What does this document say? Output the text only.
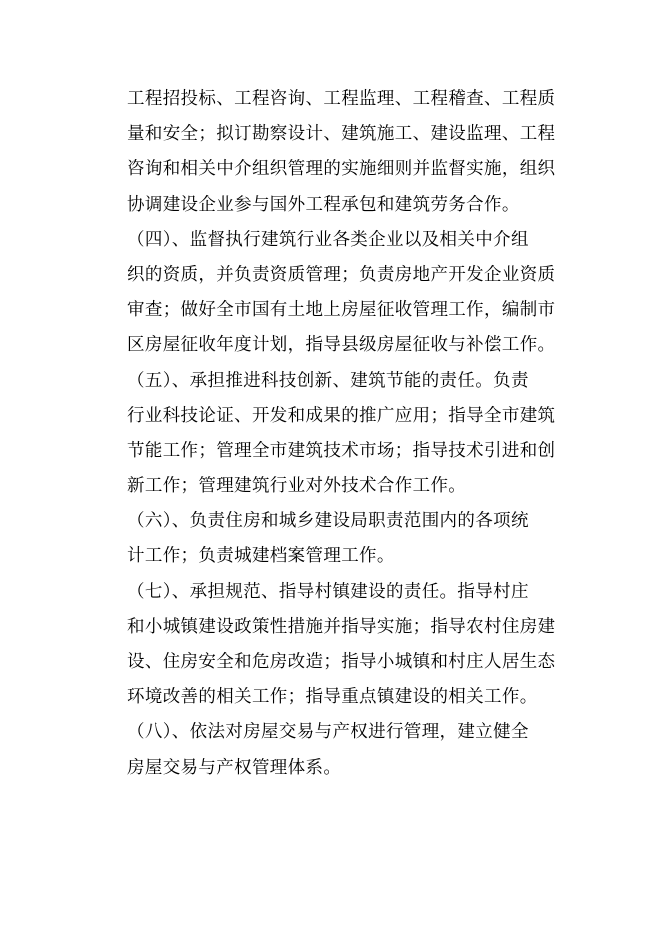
工程招投标、工程咨询、工程监理、工程稽查、工程质
量和安全；拟订勘察设计、建筑施工、建设监理、工程
咨询和相关中介组织管理的实施细则并监督实施，组织
协调建设企业参与国外工程承包和建筑劳务合作。
（四）、监督执行建筑行业各类企业以及相关中介组
织的资质，并负责资质管理；负责房地产开发企业资质
审查；做好全市国有土地上房屋征收管理工作，编制市
区房屋征收年度计划，指导县级房屋征收与补偿工作。
（五）、承担推进科技创新、建筑节能的责任。负责
行业科技论证、开发和成果的推广应用；指导全市建筑
节能工作；管理全市建筑技术市场；指导技术引进和创
新工作；管理建筑行业对外技术合作工作。
（六）、负责住房和城乡建设局职责范围内的各项统
计工作；负责城建档案管理工作。
（七）、承担规范、指导村镇建设的责任。指导村庄
和小城镇建设政策性措施并指导实施；指导农村住房建
设、住房安全和危房改造；指导小城镇和村庄人居生态
环境改善的相关工作；指导重点镇建设的相关工作。
（八）、依法对房屋交易与产权进行管理，建立健全
房屋交易与产权管理体系。
